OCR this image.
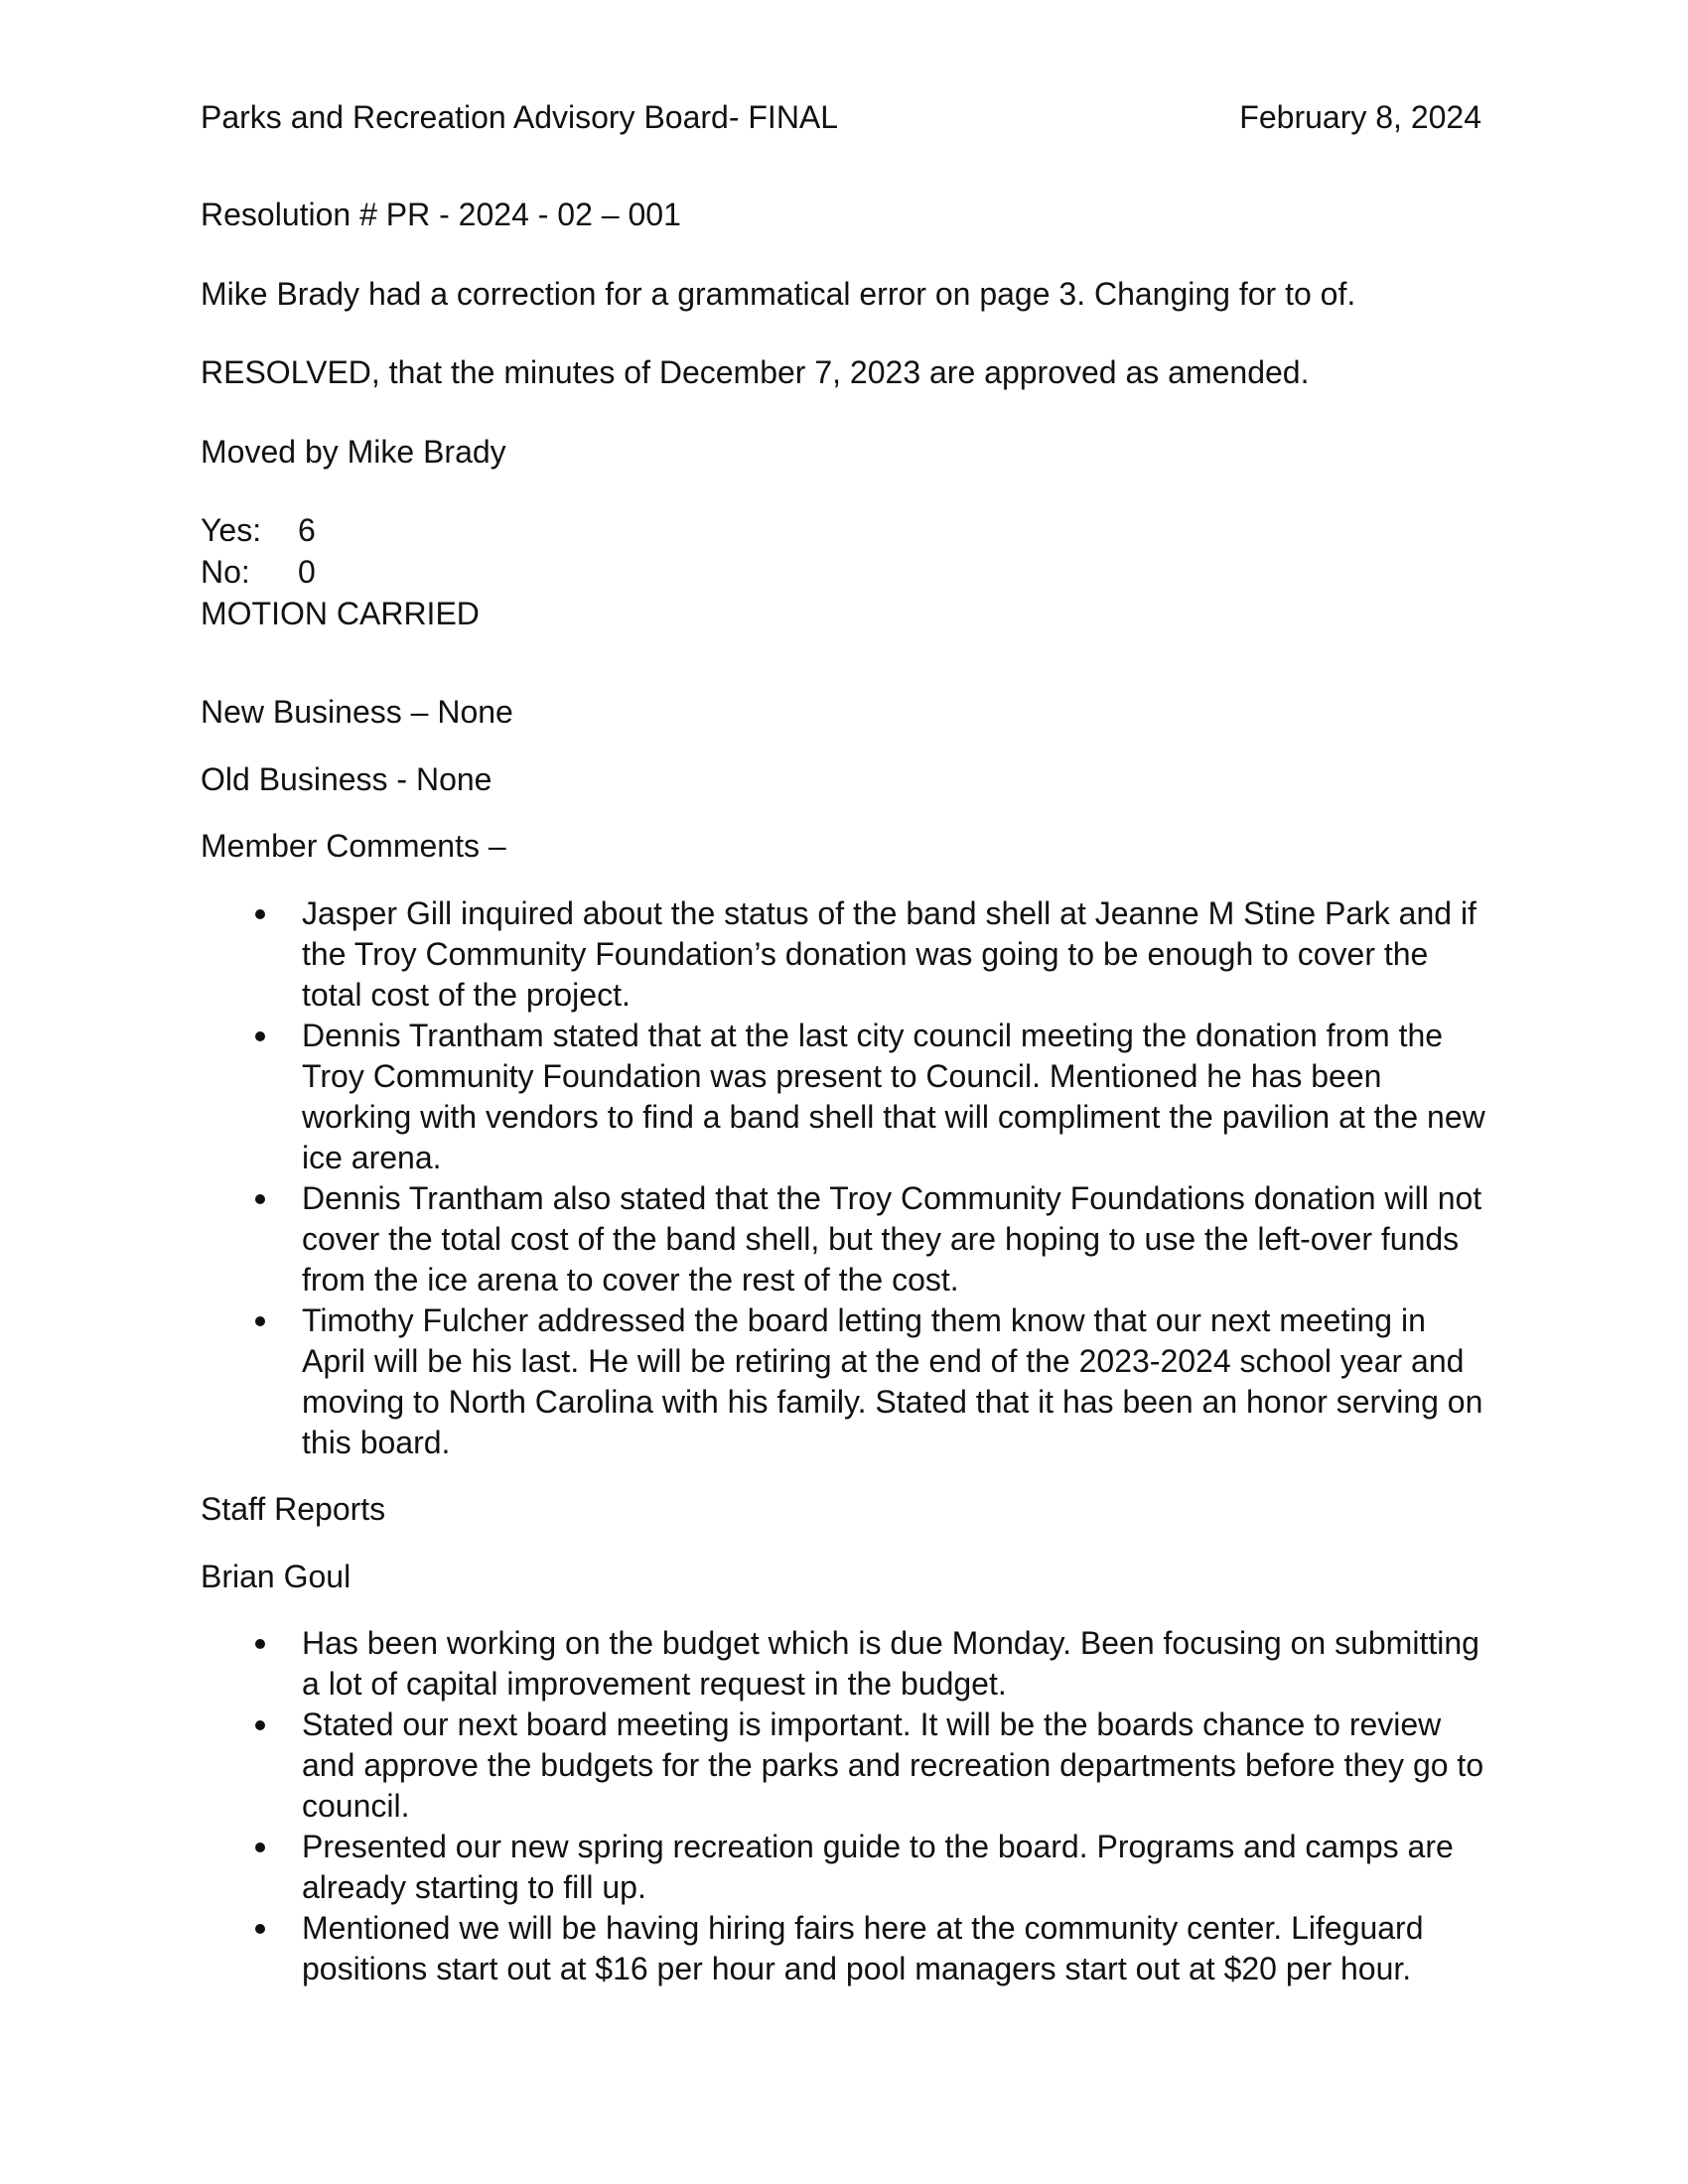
Parks and Recreation Advisory Board- FINAL	February 8, 2024

Resolution # PR - 2024 - 02 – 001

Mike Brady had a correction for a grammatical error on page 3. Changing for to of.

RESOLVED, that the minutes of December 7, 2023 are approved as amended.

Moved by Mike Brady

Yes:	6
No:	0
MOTION CARRIED

New Business – None

Old Business - None

Member Comments –

Jasper Gill inquired about the status of the band shell at Jeanne M Stine Park and if the Troy Community Foundation’s donation was going to be enough to cover the total cost of the project.
Dennis Trantham stated that at the last city council meeting the donation from the Troy Community Foundation was present to Council. Mentioned he has been working with vendors to find a band shell that will compliment the pavilion at the new ice arena.
Dennis Trantham also stated that the Troy Community Foundations donation will not cover the total cost of the band shell, but they are hoping to use the left-over funds from the ice arena to cover the rest of the cost.
Timothy Fulcher addressed the board letting them know that our next meeting in April will be his last. He will be retiring at the end of the 2023-2024 school year and moving to North Carolina with his family. Stated that it has been an honor serving on this board.

Staff Reports

Brian Goul

Has been working on the budget which is due Monday. Been focusing on submitting a lot of capital improvement request in the budget.
Stated our next board meeting is important. It will be the boards chance to review and approve the budgets for the parks and recreation departments before they go to council.
Presented our new spring recreation guide to the board. Programs and camps are already starting to fill up.
Mentioned we will be having hiring fairs here at the community center. Lifeguard positions start out at $16 per hour and pool managers start out at $20 per hour.
